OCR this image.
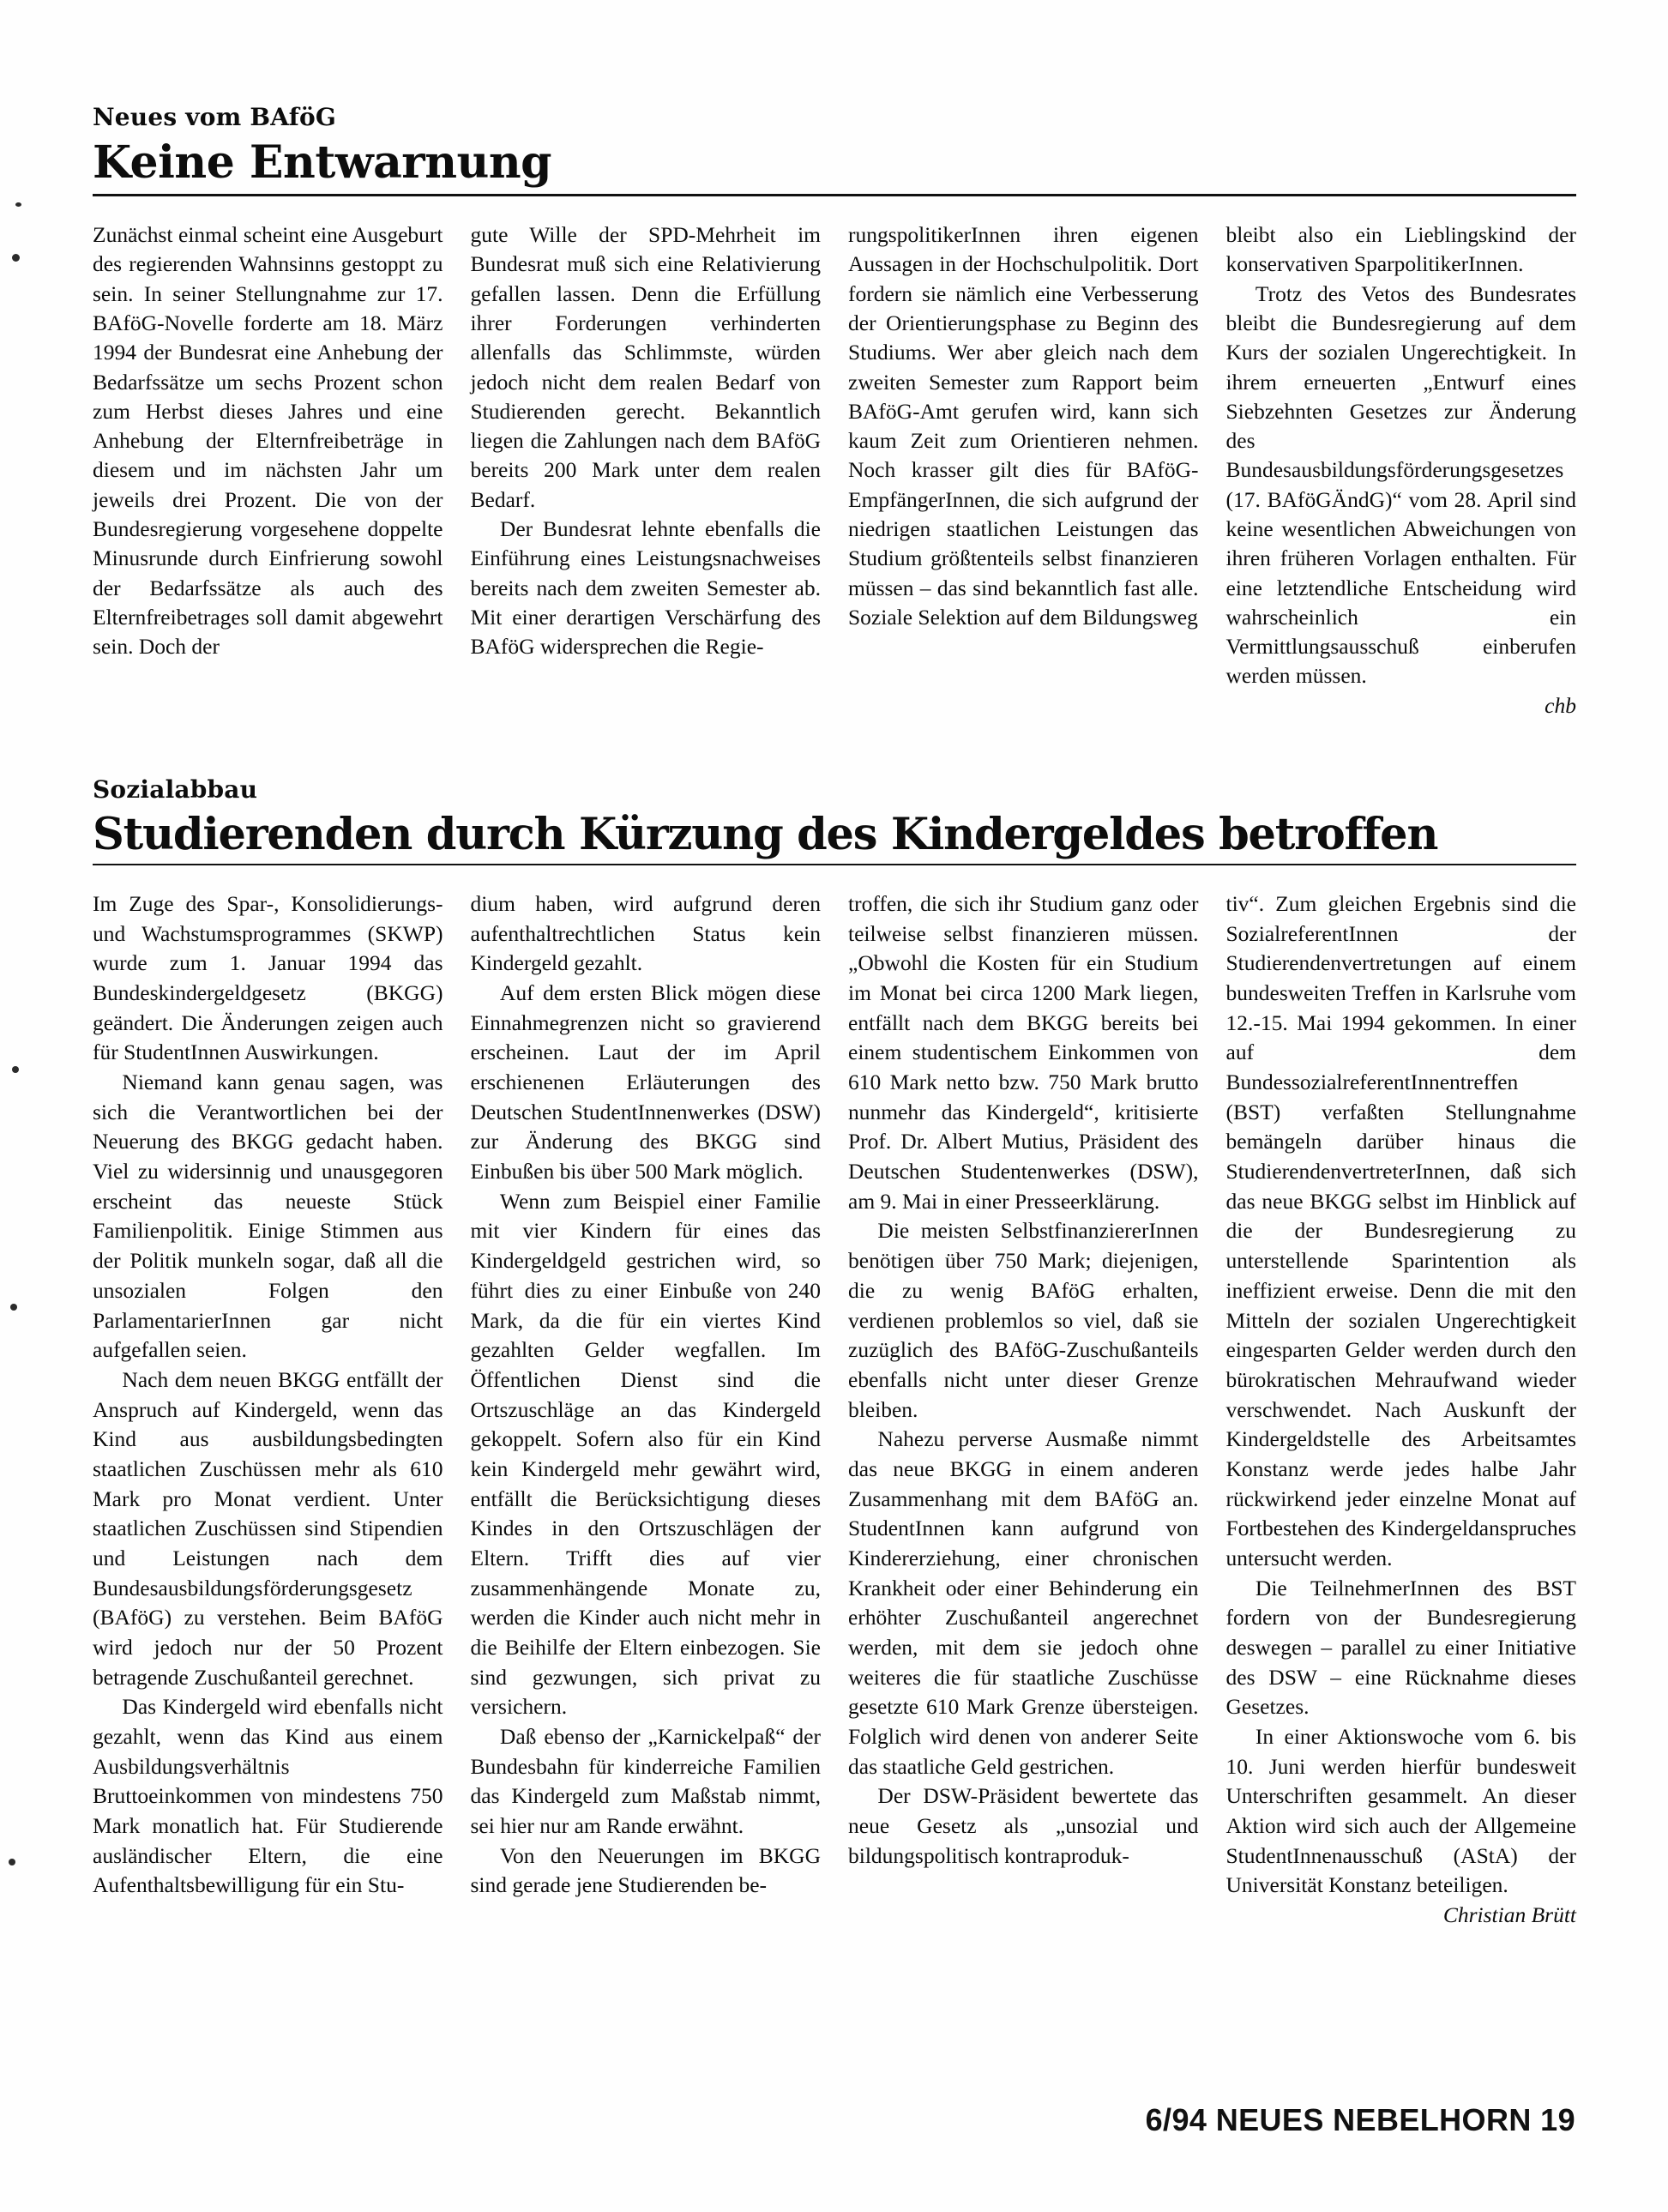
Neues vom BAföG
Keine Entwarnung

Zunächst einmal scheint eine Ausgeburt des regierenden Wahnsinns gestoppt zu sein. In seiner Stellungnahme zur 17. BAföG-Novelle forderte am 18. März 1994 der Bundesrat eine Anhebung der Bedarfssätze um sechs Prozent schon zum Herbst dieses Jahres und eine Anhebung der Elternfreibeträge in diesem und im nächsten Jahr um jeweils drei Prozent. Die von der Bundesregierung vorgesehene doppelte Minusrunde durch Einfrierung sowohl der Bedarfssätze als auch des Elternfreibetrages soll damit abgewehrt sein. Doch der

gute Wille der SPD-Mehrheit im Bundesrat muß sich eine Relativierung gefallen lassen. Denn die Erfüllung ihrer Forderungen verhinderten allenfalls das Schlimmste, würden jedoch nicht dem realen Bedarf von Studierenden gerecht. Bekanntlich liegen die Zahlungen nach dem BAföG bereits 200 Mark unter dem realen Bedarf.

Der Bundesrat lehnte ebenfalls die Einführung eines Leistungsnachweises bereits nach dem zweiten Semester ab. Mit einer derartigen Verschärfung des BAföG widersprechen die Regie-

rungspolitikerInnen ihren eigenen Aussagen in der Hochschulpolitik. Dort fordern sie nämlich eine Verbesserung der Orientierungsphase zu Beginn des Studiums. Wer aber gleich nach dem zweiten Semester zum Rapport beim BAföG-Amt gerufen wird, kann sich kaum Zeit zum Orientieren nehmen. Noch krasser gilt dies für BAföG-EmpfängerInnen, die sich aufgrund der niedrigen staatlichen Leistungen das Studium größtenteils selbst finanzieren müssen – das sind bekanntlich fast alle. Soziale Selektion auf dem Bildungsweg

bleibt also ein Lieblingskind der konservativen SparpolitikerInnen.

Trotz des Vetos des Bundesrates bleibt die Bundesregierung auf dem Kurs der sozialen Ungerechtigkeit. In ihrem erneuerten „Entwurf eines Siebzehnten Gesetzes zur Änderung des Bundesausbildungsförderungsgesetzes (17. BAföGÄndG)“ vom 28. April sind keine wesentlichen Abweichungen von ihren früheren Vorlagen enthalten. Für eine letztendliche Entscheidung wird wahrscheinlich ein Vermittlungsausschuß einberufen werden müssen.

chb

Sozialabbau
Studierenden durch Kürzung des Kindergeldes betroffen

Im Zuge des Spar-, Konsolidierungs- und Wachstumsprogrammes (SKWP) wurde zum 1. Januar 1994 das Bundeskindergeldgesetz (BKGG) geändert. Die Änderungen zeigen auch für StudentInnen Auswirkungen.

Niemand kann genau sagen, was sich die Verantwortlichen bei der Neuerung des BKGG gedacht haben. Viel zu widersinnig und unausgegoren erscheint das neueste Stück Familienpolitik. Einige Stimmen aus der Politik munkeln sogar, daß all die unsozialen Folgen den ParlamentarierInnen gar nicht aufgefallen seien.

Nach dem neuen BKGG entfällt der Anspruch auf Kindergeld, wenn das Kind aus ausbildungsbedingten staatlichen Zuschüssen mehr als 610 Mark pro Monat verdient. Unter staatlichen Zuschüssen sind Stipendien und Leistungen nach dem Bundesausbildungsförderungsgesetz (BAföG) zu verstehen. Beim BAföG wird jedoch nur der 50 Prozent betragende Zuschußanteil gerechnet.

Das Kindergeld wird ebenfalls nicht gezahlt, wenn das Kind aus einem Ausbildungsverhältnis Bruttoeinkommen von mindestens 750 Mark monatlich hat. Für Studierende ausländischer Eltern, die eine Aufenthaltsbewilligung für ein Stu-

dium haben, wird aufgrund deren aufenthaltrechtlichen Status kein Kindergeld gezahlt.

Auf dem ersten Blick mögen diese Einnahmegrenzen nicht so gravierend erscheinen. Laut der im April erschienenen Erläuterungen des Deutschen StudentInnenwerkes (DSW) zur Änderung des BKGG sind Einbußen bis über 500 Mark möglich.

Wenn zum Beispiel einer Familie mit vier Kindern für eines das Kindergeldgeld gestrichen wird, so führt dies zu einer Einbuße von 240 Mark, da die für ein viertes Kind gezahlten Gelder wegfallen. Im Öffentlichen Dienst sind die Ortszuschläge an das Kindergeld gekoppelt. Sofern also für ein Kind kein Kindergeld mehr gewährt wird, entfällt die Berücksichtigung dieses Kindes in den Ortszuschlägen der Eltern. Trifft dies auf vier zusammenhängende Monate zu, werden die Kinder auch nicht mehr in die Beihilfe der Eltern einbezogen. Sie sind gezwungen, sich privat zu versichern.

Daß ebenso der „Karnickelpaß“ der Bundesbahn für kinderreiche Familien das Kindergeld zum Maßstab nimmt, sei hier nur am Rande erwähnt.

Von den Neuerungen im BKGG sind gerade jene Studierenden be-

troffen, die sich ihr Studium ganz oder teilweise selbst finanzieren müssen. „Obwohl die Kosten für ein Studium im Monat bei circa 1200 Mark liegen, entfällt nach dem BKGG bereits bei einem studentischem Einkommen von 610 Mark netto bzw. 750 Mark brutto nunmehr das Kindergeld“, kritisierte Prof. Dr. Albert Mutius, Präsident des Deutschen Studentenwerkes (DSW), am 9. Mai in einer Presseerklärung.

Die meisten SelbstfinanziererInnen benötigen über 750 Mark; diejenigen, die zu wenig BAföG erhalten, verdienen problemlos so viel, daß sie zuzüglich des BAföG-Zuschußanteils ebenfalls nicht unter dieser Grenze bleiben.

Nahezu perverse Ausmaße nimmt das neue BKGG in einem anderen Zusammenhang mit dem BAföG an. StudentInnen kann aufgrund von Kindererziehung, einer chronischen Krankheit oder einer Behinderung ein erhöhter Zuschußanteil angerechnet werden, mit dem sie jedoch ohne weiteres die für staatliche Zuschüsse gesetzte 610 Mark Grenze übersteigen. Folglich wird denen von anderer Seite das staatliche Geld gestrichen.

Der DSW-Präsident bewertete das neue Gesetz als „unsozial und bildungspolitisch kontraproduk-

tiv“. Zum gleichen Ergebnis sind die SozialreferentInnen der Studierendenvertretungen auf einem bundesweiten Treffen in Karlsruhe vom 12.-15. Mai 1994 gekommen. In einer auf dem BundessozialreferentInnentreffen (BST) verfaßten Stellungnahme bemängeln darüber hinaus die StudierendenvertreterInnen, daß sich das neue BKGG selbst im Hinblick auf die der Bundesregierung zu unterstellende Sparintention als ineffizient erweise. Denn die mit den Mitteln der sozialen Ungerechtigkeit eingesparten Gelder werden durch den bürokratischen Mehraufwand wieder verschwendet. Nach Auskunft der Kindergeldstelle des Arbeitsamtes Konstanz werde jedes halbe Jahr rückwirkend jeder einzelne Monat auf Fortbestehen des Kindergeldanspruches untersucht werden.

Die TeilnehmerInnen des BST fordern von der Bundesregierung deswegen – parallel zu einer Initiative des DSW – eine Rücknahme dieses Gesetzes.

In einer Aktionswoche vom 6. bis 10. Juni werden hierfür bundesweit Unterschriften gesammelt. An dieser Aktion wird sich auch der Allgemeine StudentInnenausschuß (AStA) der Universität Konstanz beteiligen.

Christian Brütt

6/94 NEUES NEBELHORN 19
